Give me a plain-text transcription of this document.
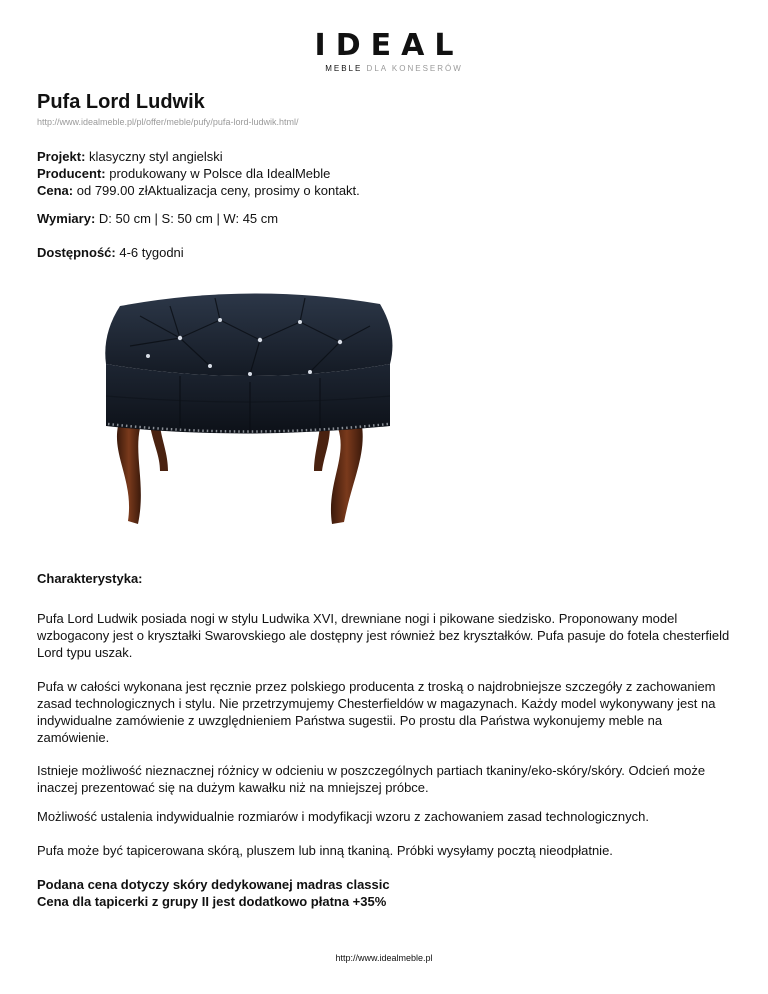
IDEAL
MEBLE DLA KONESERÓW
Pufa Lord Ludwik
http://www.idealmeble.pl/pl/offer/meble/pufy/pufa-lord-ludwik.html/
Projekt: klasyczny styl angielski
Producent: produkowany w Polsce dla IdealMeble
Cena: od 799.00 złAktualizacja ceny, prosimy o kontakt.
Wymiary: D: 50 cm | S: 50 cm | W: 45 cm
Dostępność: 4-6 tygodni
Charakterystyka:
Pufa Lord Ludwik posiada nogi w stylu Ludwika XVI, drewniane nogi i pikowane siedzisko. Proponowany model wzbogacony jest o kryształki Swarovskiego ale dostępny jest również bez kryształków. Pufa pasuje do fotela chesterfield Lord typu uszak.
Pufa w całości wykonana jest ręcznie przez polskiego producenta z troską o najdrobniejsze szczegóły z zachowaniem zasad technologicznych i stylu. Nie przetrzymujemy Chesterfieldów w magazynach. Każdy model wykonywany jest na indywidualne zamówienie z uwzględnieniem Państwa sugestii. Po prostu dla Państwa wykonujemy meble na zamówienie.
Istnieje możliwość nieznacznej różnicy w odcieniu w poszczególnych partiach tkaniny/eko-skóry/skóry. Odcień może inaczej prezentować się na dużym kawałku niż na mniejszej próbce.
Możliwość ustalenia indywidualnie rozmiarów i modyfikacji wzoru z zachowaniem zasad technologicznych.
Pufa może być tapicerowana skórą, pluszem lub inną tkaniną. Próbki wysyłamy pocztą nieodpłatnie.
Podana cena dotyczy skóry dedykowanej madras classic
Cena dla tapicerki z grupy II jest dodatkowo płatna +35%
http://www.idealmeble.pl
